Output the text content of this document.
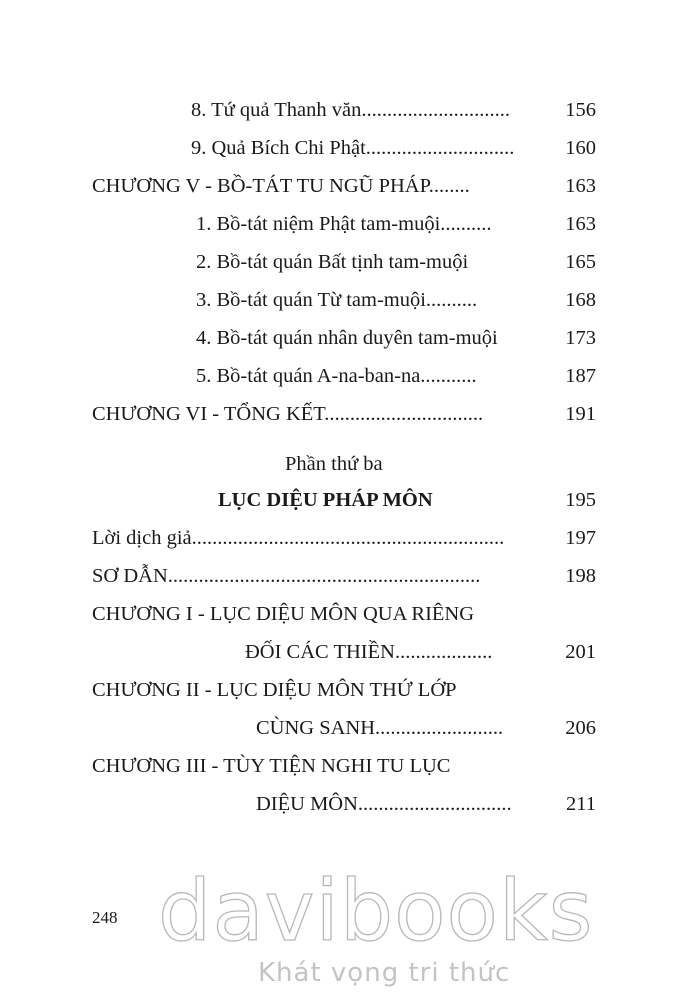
8. Tứ quả Thanh văn.............................	156
9. Quả Bích Chi Phật.............................	160
CHƯƠNG V - BỒ-TÁT TU NGŨ PHÁP........	163
1. Bồ-tát niệm Phật tam-muội..........	163
2. Bồ-tát quán Bất tịnh tam-muội	165
3. Bồ-tát quán Từ tam-muội..........	168
4. Bồ-tát quán nhân duyên tam-muội	173
5. Bồ-tát quán A-na-ban-na...........	187
CHƯƠNG VI - TỔNG KẾT...............................	191
Phần thứ ba
LỤC DIỆU PHÁP MÔN	195
Lời dịch giả.............................................................	197
SƠ DẪN.............................................................	198
CHƯƠNG I - LỤC DIỆU MÔN QUA RIÊNG
ĐỐI CÁC THIỀN...................	201
CHƯƠNG II - LỤC DIỆU MÔN THỨ LỚP
CÙNG SANH.........................	206
CHƯƠNG III - TÙY TIỆN NGHI TU LỤC
DIỆU MÔN..............................	211
248 davibooks
Khát vọng tri thức
